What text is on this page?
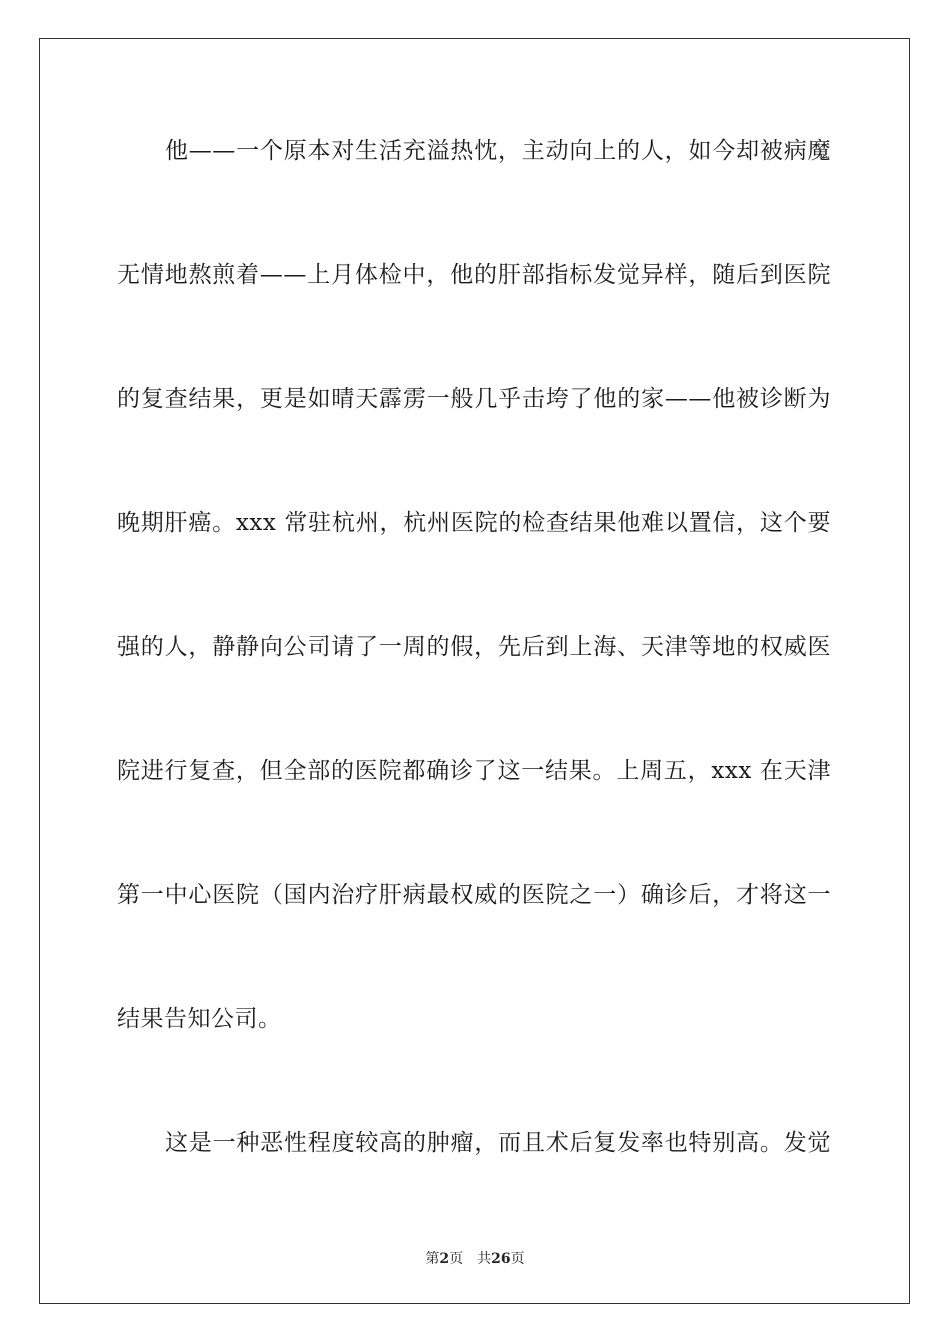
他——一个原本对生活充溢热忱，主动向上的人，如今却被病魔
无情地熬煎着——上月体检中，他的肝部指标发觉异样，随后到医院
的复查结果，更是如晴天霹雳一般几乎击垮了他的家——他被诊断为
晚期肝癌。xxx 常驻杭州，杭州医院的检查结果他难以置信，这个要
强的人，静静向公司请了一周的假，先后到上海、天津等地的权威医
院进行复查，但全部的医院都确诊了这一结果。上周五，xxx 在天津
第一中心医院（国内治疗肝病最权威的医院之一）确诊后，才将这一
结果告知公司。
这是一种恶性程度较高的肿瘤，而且术后复发率也特别高。发觉
第2页 共26页
